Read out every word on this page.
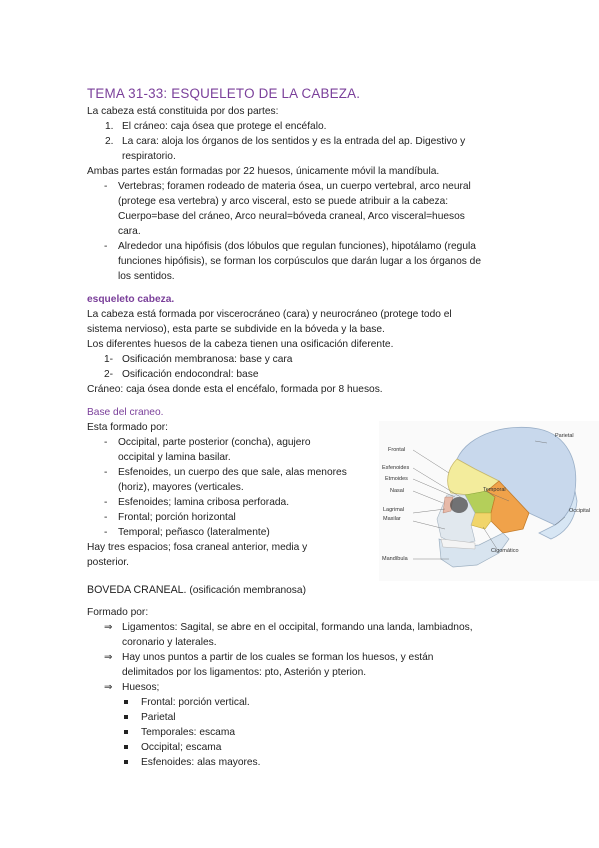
TEMA 31-33: ESQUELETO DE LA CABEZA.
La cabeza está constituida por dos partes:
1. El cráneo: caja ósea que protege el encéfalo.
2. La cara: aloja los órganos de los sentidos y es la entrada del ap. Digestivo y
respiratorio.
Ambas partes están formadas por 22 huesos, únicamente móvil la mandíbula.
- Vertebras; foramen rodeado de materia ósea, un cuerpo vertebral, arco neural
(protege esa vertebra) y arco visceral, esto se puede atribuir a la cabeza:
Cuerpo=base del cráneo, Arco neural=bóveda craneal, Arco visceral=huesos
cara.
- Alrededor una hipófisis (dos lóbulos que regulan funciones), hipotálamo (regula
funciones hipófisis), se forman los corpúsculos que darán lugar a los órganos de
los sentidos.
esqueleto cabeza.
La cabeza está formada por viscerocráneo (cara) y neurocráneo (protege todo el
sistema nervioso), esta parte se subdivide en la bóveda y la base.
Los diferentes huesos de la cabeza tienen una osificación diferente.
1- Osificación membranosa: base y cara
2- Osificación endocondral: base
Cráneo: caja ósea donde esta el encéfalo, formada por 8 huesos.
Base del craneo.
Esta formado por:
- Occipital, parte posterior (concha), agujero
occipital y lamina basilar.
- Esfenoides, un cuerpo des que sale, alas menores
(horiz), mayores (verticales.
- Esfenoides; lamina cribosa perforada.
- Frontal; porción horizontal
- Temporal; peñasco (lateralmente)
Hay tres espacios; fosa craneal anterior, media y
posterior.
Parietal
Frontal
Esfenoides
Etmoides
Nasal	Temporal
Occipital
Lagrimal
Maxilar
Cigomático
Mandíbula
BOVEDA CRANEAL. (osificación membranosa)
Formado por:
⇒ Ligamentos: Sagital, se abre en el occipital, formando una landa, lambiadnos,
coronario y laterales.
⇒ Hay unos puntos a partir de los cuales se forman los huesos, y están
delimitados por los ligamentos: pto, Asterión y pterion.
⇒ Huesos;
Frontal: porción vertical.
Parietal
Temporales: escama
Occipital; escama
Esfenoides: alas mayores.
